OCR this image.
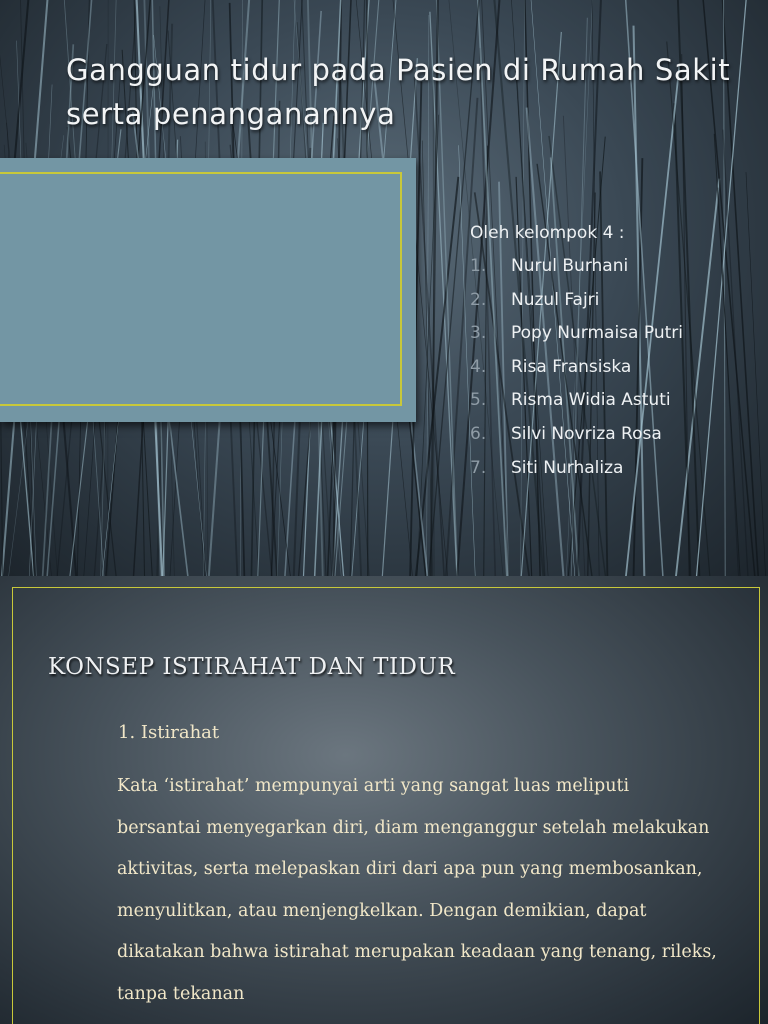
Gangguan tidur pada Pasien di Rumah Sakit serta penanganannya
Oleh kelompok 4 :
1.	Nurul Burhani
2.	Nuzul Fajri
3.	Popy Nurmaisa Putri
4.	Risa Fransiska
5.	Risma Widia Astuti
6.	Silvi Novriza Rosa
7.	Siti Nurhaliza
KONSEP ISTIRAHAT DAN TIDUR
1. Istirahat

Kata ‘istirahat’ mempunyai arti yang sangat luas meliputi bersantai menyegarkan diri, diam menganggur setelah melakukan aktivitas, serta melepaskan diri dari apa pun yang membosankan, menyulitkan, atau menjengkelkan. Dengan demikian, dapat dikatakan bahwa istirahat merupakan keadaan yang tenang, rileks, tanpa tekanan
